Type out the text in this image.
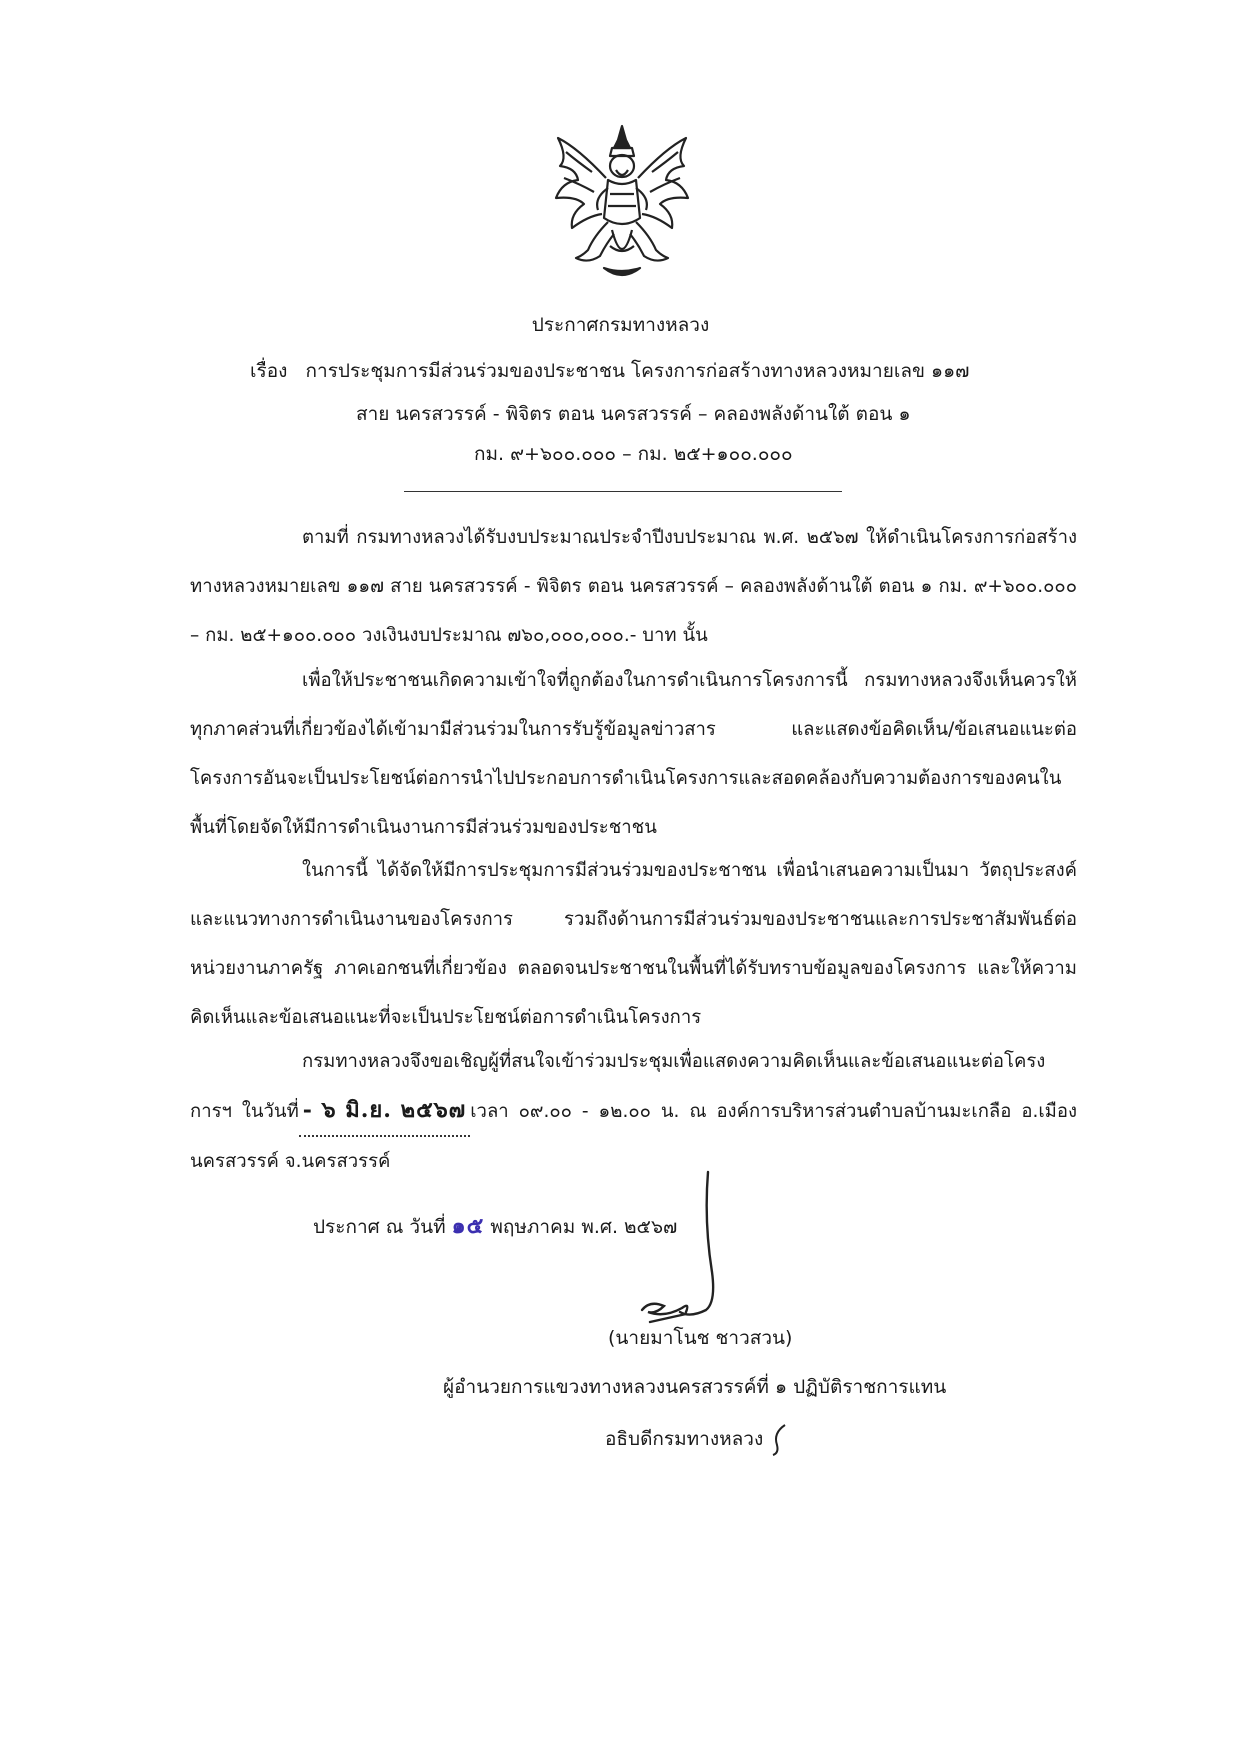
ประกาศกรมทางหลวง
เรื่อง การประชุมการมีส่วนร่วมของประชาชน โครงการก่อสร้างทางหลวงหมายเลข ๑๑๗
สาย นครสวรรค์ - พิจิตร ตอน นครสวรรค์ – คลองพลังด้านใต้ ตอน ๑
กม. ๙+๖๐๐.๐๐๐ – กม. ๒๕+๑๐๐.๐๐๐
ตามที่ กรมทางหลวงได้รับงบประมาณประจำปีงบประมาณ พ.ศ. ๒๕๖๗ ให้ดำเนินโครงการก่อสร้างทางหลวงหมายเลข ๑๑๗ สาย นครสวรรค์ - พิจิตร ตอน นครสวรรค์ – คลองพลังด้านใต้ ตอน ๑ กม. ๙+๖๐๐.๐๐๐ – กม. ๒๕+๑๐๐.๐๐๐ วงเงินงบประมาณ ๗๖๐,๐๐๐,๐๐๐.- บาท นั้น
เพื่อให้ประชาชนเกิดความเข้าใจที่ถูกต้องในการดำเนินการโครงการนี้ กรมทางหลวงจึงเห็นควรให้ทุกภาคส่วนที่เกี่ยวข้องได้เข้ามามีส่วนร่วมในการรับรู้ข้อมูลข่าวสาร และแสดงข้อคิดเห็น/ข้อเสนอแนะต่อโครงการอันจะเป็นประโยชน์ต่อการนำไปประกอบการดำเนินโครงการและสอดคล้องกับความต้องการของคนในพื้นที่โดยจัดให้มีการดำเนินงานการมีส่วนร่วมของประชาชน
ในการนี้ ได้จัดให้มีการประชุมการมีส่วนร่วมของประชาชน เพื่อนำเสนอความเป็นมา วัตถุประสงค์ และแนวทางการดำเนินงานของโครงการ รวมถึงด้านการมีส่วนร่วมของประชาชนและการประชาสัมพันธ์ต่อหน่วยงานภาครัฐ ภาคเอกชนที่เกี่ยวข้อง ตลอดจนประชาชนในพื้นที่ได้รับทราบข้อมูลของโครงการ และให้ความคิดเห็นและข้อเสนอแนะที่จะเป็นประโยชน์ต่อการดำเนินโครงการ
กรมทางหลวงจึงขอเชิญผู้ที่สนใจเข้าร่วมประชุมเพื่อแสดงความคิดเห็นและข้อเสนอแนะต่อโครงการฯ ในวันที่ - ๖ มิ.ย. ๒๕๖๗ เวลา ๐๙.๐๐ - ๑๒.๐๐ น. ณ องค์การบริหารส่วนตำบลบ้านมะเกลือ อ.เมืองนครสวรรค์ จ.นครสวรรค์
ประกาศ ณ วันที่ ๑๕ พฤษภาคม พ.ศ. ๒๕๖๗
(นายมาโนช ชาวสวน)
ผู้อำนวยการแขวงทางหลวงนครสวรรค์ที่ ๑ ปฏิบัติราชการแทน
อธิบดีกรมทางหลวง
